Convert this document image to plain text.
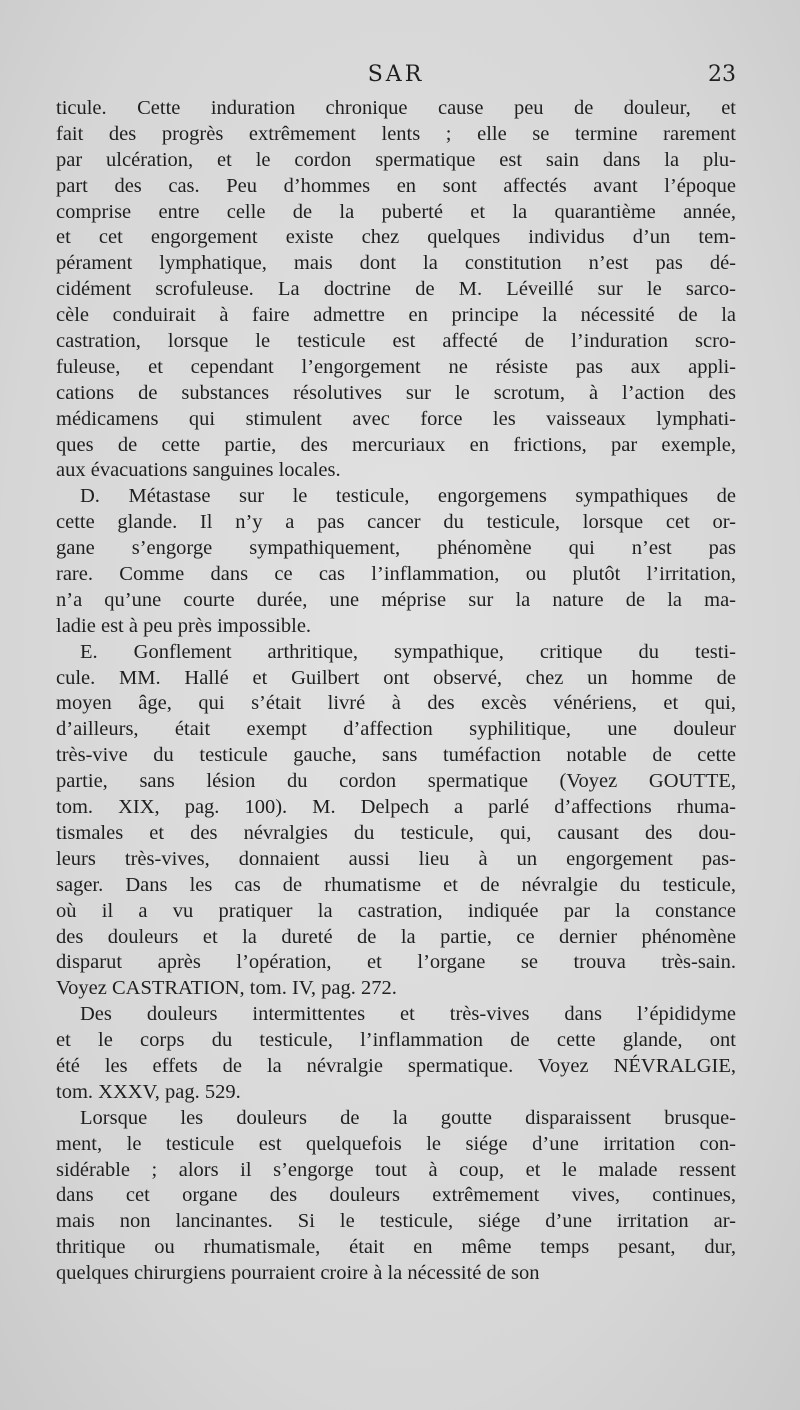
SAR	23
ticule. Cette induration chronique cause peu de douleur, et
fait des progrès extrêmement lents ; elle se termine rarement
par ulcération, et le cordon spermatique est sain dans la plu-
part des cas. Peu d’hommes en sont affectés avant l’époque
comprise entre celle de la puberté et la quarantième année,
et cet engorgement existe chez quelques individus d’un tem-
pérament lymphatique, mais dont la constitution n’est pas dé-
cidément scrofuleuse. La doctrine de M. Léveillé sur le sarco-
cèle conduirait à faire admettre en principe la nécessité de la
castration, lorsque le testicule est affecté de l’induration scro-
fuleuse, et cependant l’engorgement ne résiste pas aux appli-
cations de substances résolutives sur le scrotum, à l’action des
médicamens qui stimulent avec force les vaisseaux lymphati-
ques de cette partie, des mercuriaux en frictions, par exemple,
aux évacuations sanguines locales.
D. Métastase sur le testicule, engorgemens sympathiques de
cette glande. Il n’y a pas cancer du testicule, lorsque cet or-
gane s’engorge sympathiquement, phénomène qui n’est pas
rare. Comme dans ce cas l’inflammation, ou plutôt l’irritation,
n’a qu’une courte durée, une méprise sur la nature de la ma-
ladie est à peu près impossible.
E. Gonflement arthritique, sympathique, critique du testi-
cule. MM. Hallé et Guilbert ont observé, chez un homme de
moyen âge, qui s’était livré à des excès vénériens, et qui,
d’ailleurs, était exempt d’affection syphilitique, une douleur
très-vive du testicule gauche, sans tuméfaction notable de cette
partie, sans lésion du cordon spermatique (Voyez GOUTTE,
tom. XIX, pag. 100). M. Delpech a parlé d’affections rhuma-
tismales et des névralgies du testicule, qui, causant des dou-
leurs très-vives, donnaient aussi lieu à un engorgement pas-
sager. Dans les cas de rhumatisme et de névralgie du testicule,
où il a vu pratiquer la castration, indiquée par la constance
des douleurs et la dureté de la partie, ce dernier phénomène
disparut après l’opération, et l’organe se trouva très-sain.
Voyez CASTRATION, tom. IV, pag. 272.
Des douleurs intermittentes et très-vives dans l’épididyme
et le corps du testicule, l’inflammation de cette glande, ont
été les effets de la névralgie spermatique. Voyez NÉVRALGIE,
tom. XXXV, pag. 529.
Lorsque les douleurs de la goutte disparaissent brusque-
ment, le testicule est quelquefois le siége d’une irritation con-
sidérable ; alors il s’engorge tout à coup, et le malade ressent
dans cet organe des douleurs extrêmement vives, continues,
mais non lancinantes. Si le testicule, siége d’une irritation ar-
thritique ou rhumatismale, était en même temps pesant, dur,
quelques chirurgiens pourraient croire à la nécessité de son
